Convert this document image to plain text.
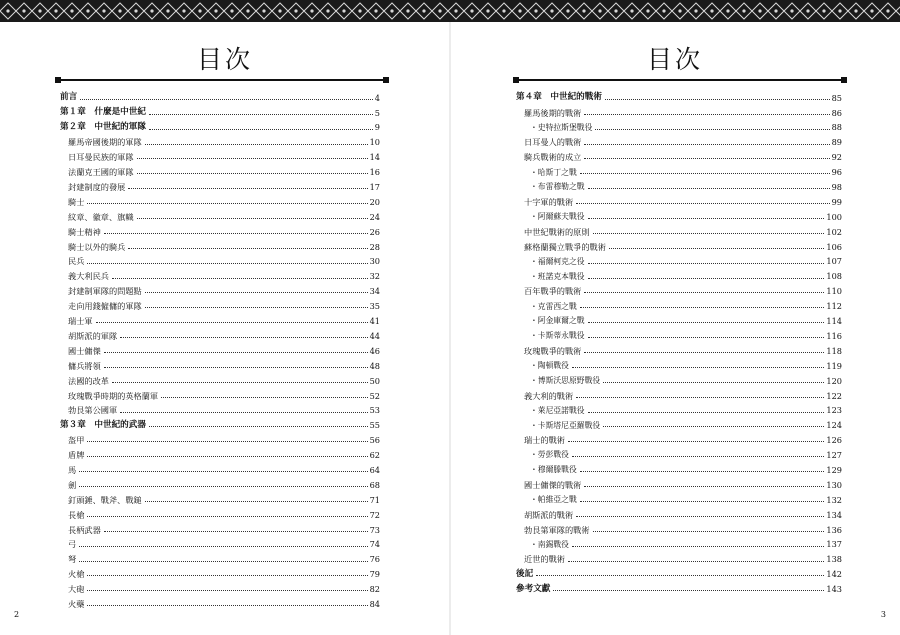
目次
前言	4
第１章　什麼是中世紀	5
第２章　中世紀的軍隊	9
羅馬帝國後期的軍隊	10
日耳曼民族的軍隊	14
法蘭克王國的軍隊	16
封建制度的發展	17
騎士	20
紋章、徽章、旗幟	24
騎士精神	26
騎士以外的騎兵	28
民兵	30
義大利民兵	32
封建制軍隊的問題點	34
走向用錢僱傭的軍隊	35
瑞士軍	41
胡斯派的軍隊	44
國士傭傑	46
傭兵將領	48
法國的改革	50
玫瑰戰爭時期的英格蘭軍	52
勃艮第公國軍	53
第３章　中世紀的武器	55
盔甲	56
盾牌	62
馬	64
劍	68
釘頭錘、戰斧、戰鎚	71
長槍	72
長柄武器	73
弓	74
弩	76
火槍	79
大砲	82
火藥	84
2
目次
第４章　中世紀的戰術	85
羅馬後期的戰術	86
・史特拉斯堡戰役	88
日耳曼人的戰術	89
騎兵戰術的成立	92
・哈斯丁之戰	96
・布雷穆勒之戰	98
十字軍的戰術	99
・阿爾蘇夫戰役	100
中世紀戰術的原則	102
蘇格蘭獨立戰爭的戰術	106
・福爾柯克之役	107
・班諾克本戰役	108
百年戰爭的戰術	110
・克雷西之戰	112
・阿金庫爾之戰	114
・卡斯蒂永戰役	116
玫瑰戰爭的戰術	118
・陶頓戰役	119
・博斯沃思原野戰役	120
義大利的戰術	122
・萊尼亞諾戰役	123
・卡斯塔尼亞羅戰役	124
瑞士的戰術	126
・勞彭戰役	127
・穆爾滕戰役	129
國士傭傑的戰術	130
・帕維亞之戰	132
胡斯派的戰術	134
勃艮第軍隊的戰術	136
・南錫戰役	137
近世的戰術	138
後記	142
參考文獻	143
3
